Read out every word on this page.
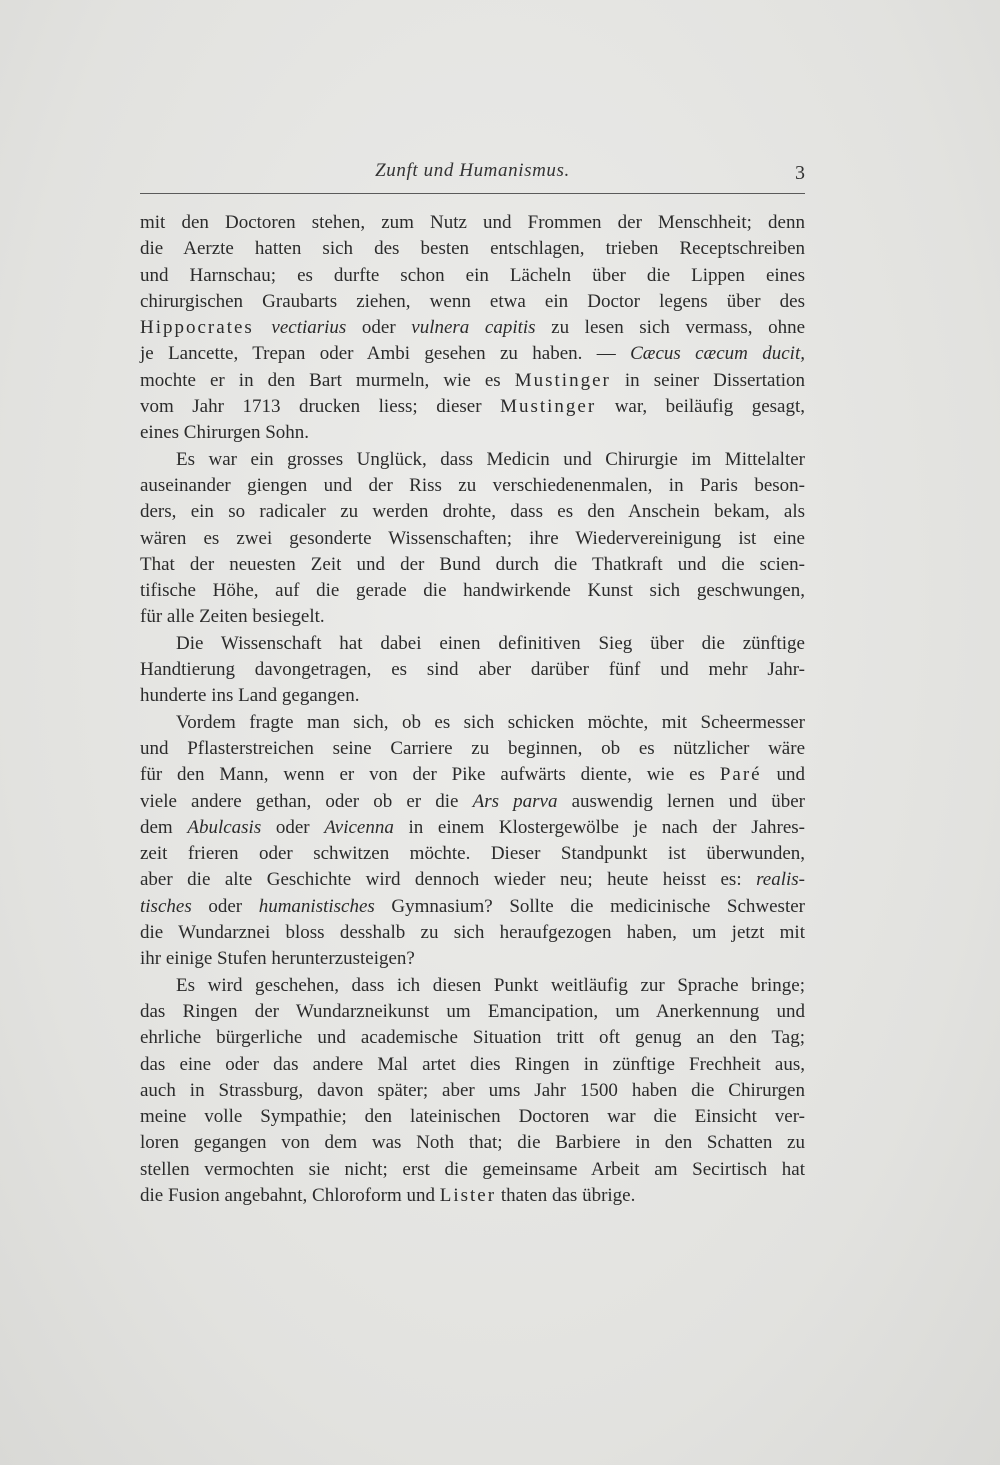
Zunft und Humanismus.	3

mit den Doctoren stehen, zum Nutz und Frommen der Menschheit; denn
die Aerzte hatten sich des besten entschlagen, trieben Receptschreiben
und Harnschau; es durfte schon ein Lächeln über die Lippen eines
chirurgischen Graubarts ziehen, wenn etwa ein Doctor legens über des
Hippocrates vectiarius oder vulnera capitis zu lesen sich vermass, ohne
je Lancette, Trepan oder Ambi gesehen zu haben. — Cæcus cæcum ducit,
mochte er in den Bart murmeln, wie es Mustinger in seiner Dissertation
vom Jahr 1713 drucken liess; dieser Mustinger war, beiläufig gesagt,
eines Chirurgen Sohn.

Es war ein grosses Unglück, dass Medicin und Chirurgie im Mittelalter
auseinander giengen und der Riss zu verschiedenenmalen, in Paris beson-
ders, ein so radicaler zu werden drohte, dass es den Anschein bekam, als
wären es zwei gesonderte Wissenschaften; ihre Wiedervereinigung ist eine
That der neuesten Zeit und der Bund durch die Thatkraft und die scien-
tifische Höhe, auf die gerade die handwirkende Kunst sich geschwungen,
für alle Zeiten besiegelt.

Die Wissenschaft hat dabei einen definitiven Sieg über die zünftige
Handtierung davongetragen, es sind aber darüber fünf und mehr Jahr-
hunderte ins Land gegangen.

Vordem fragte man sich, ob es sich schicken möchte, mit Scheermesser
und Pflasterstreichen seine Carriere zu beginnen, ob es nützlicher wäre
für den Mann, wenn er von der Pike aufwärts diente, wie es Paré und
viele andere gethan, oder ob er die Ars parva auswendig lernen und über
dem Abulcasis oder Avicenna in einem Klostergewölbe je nach der Jahres-
zeit frieren oder schwitzen möchte. Dieser Standpunkt ist überwunden,
aber die alte Geschichte wird dennoch wieder neu; heute heisst es: realis-
tisches oder humanistisches Gymnasium? Sollte die medicinische Schwester
die Wundarznei bloss desshalb zu sich heraufgezogen haben, um jetzt mit
ihr einige Stufen herunterzusteigen?

Es wird geschehen, dass ich diesen Punkt weitläufig zur Sprache bringe;
das Ringen der Wundarzneikunst um Emancipation, um Anerkennung und
ehrliche bürgerliche und academische Situation tritt oft genug an den Tag;
das eine oder das andere Mal artet dies Ringen in zünftige Frechheit aus,
auch in Strassburg, davon später; aber ums Jahr 1500 haben die Chirurgen
meine volle Sympathie; den lateinischen Doctoren war die Einsicht ver-
loren gegangen von dem was Noth that; die Barbiere in den Schatten zu
stellen vermochten sie nicht; erst die gemeinsame Arbeit am Secirtisch hat
die Fusion angebahnt, Chloroform und Lister thaten das übrige.
